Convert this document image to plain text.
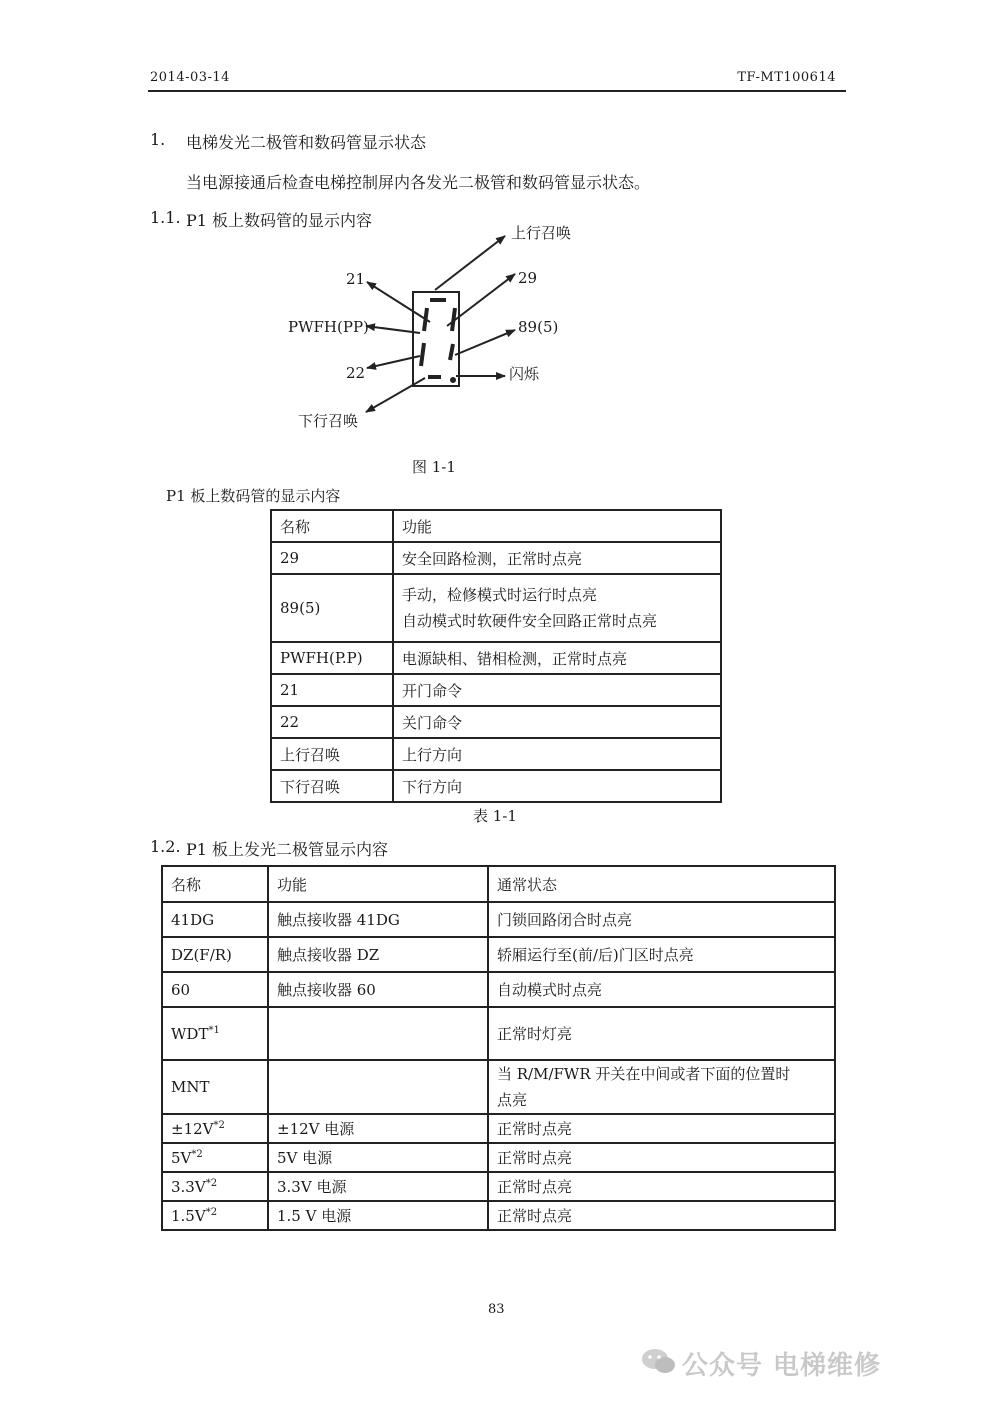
2014-03-14	TF-MT100614
1. 电梯发光二极管和数码管显示状态
当电源接通后检查电梯控制屏内各发光二极管和数码管显示状态。
1.1. P1 板上数码管的显示内容
上行召唤
21	29
PWFH(PP)	89(5)
22	闪烁
下行召唤
图 1-1
P1 板上数码管的显示内容
名称	功能
29	安全回路检测，正常时点亮
89(5)	手动，检修模式时运行时点亮
自动模式时软硬件安全回路正常时点亮

PWFH(P.P)	电源缺相、错相检测，正常时点亮
21	开门命令
22	关门命令
上行召唤	上行方向
下行召唤	下行方向
表 1-1
1.2. P1 板上发光二极管显示内容
名称	功能	通常状态
41DG	触点接收器 41DG	门锁回路闭合时点亮
DZ(F/R)	触点接收器 DZ	轿厢运行至(前/后)门区时点亮
60	触点接收器 60	自动模式时点亮
WDT$^{*1}$		正常时灯亮
MNT		当 R/M/FWR 开关在中间或者下面的位置时
点亮

$\pm 12V^{*2}$	±12V 电源	正常时点亮
$5V^{*2}$	5V 电源	正常时点亮
$3.3V^{*2}$	3.3V 电源	正常时点亮
$1.5V^{*2}$	1.5 V 电源	正常时点亮
83
公众号 电梯维修
